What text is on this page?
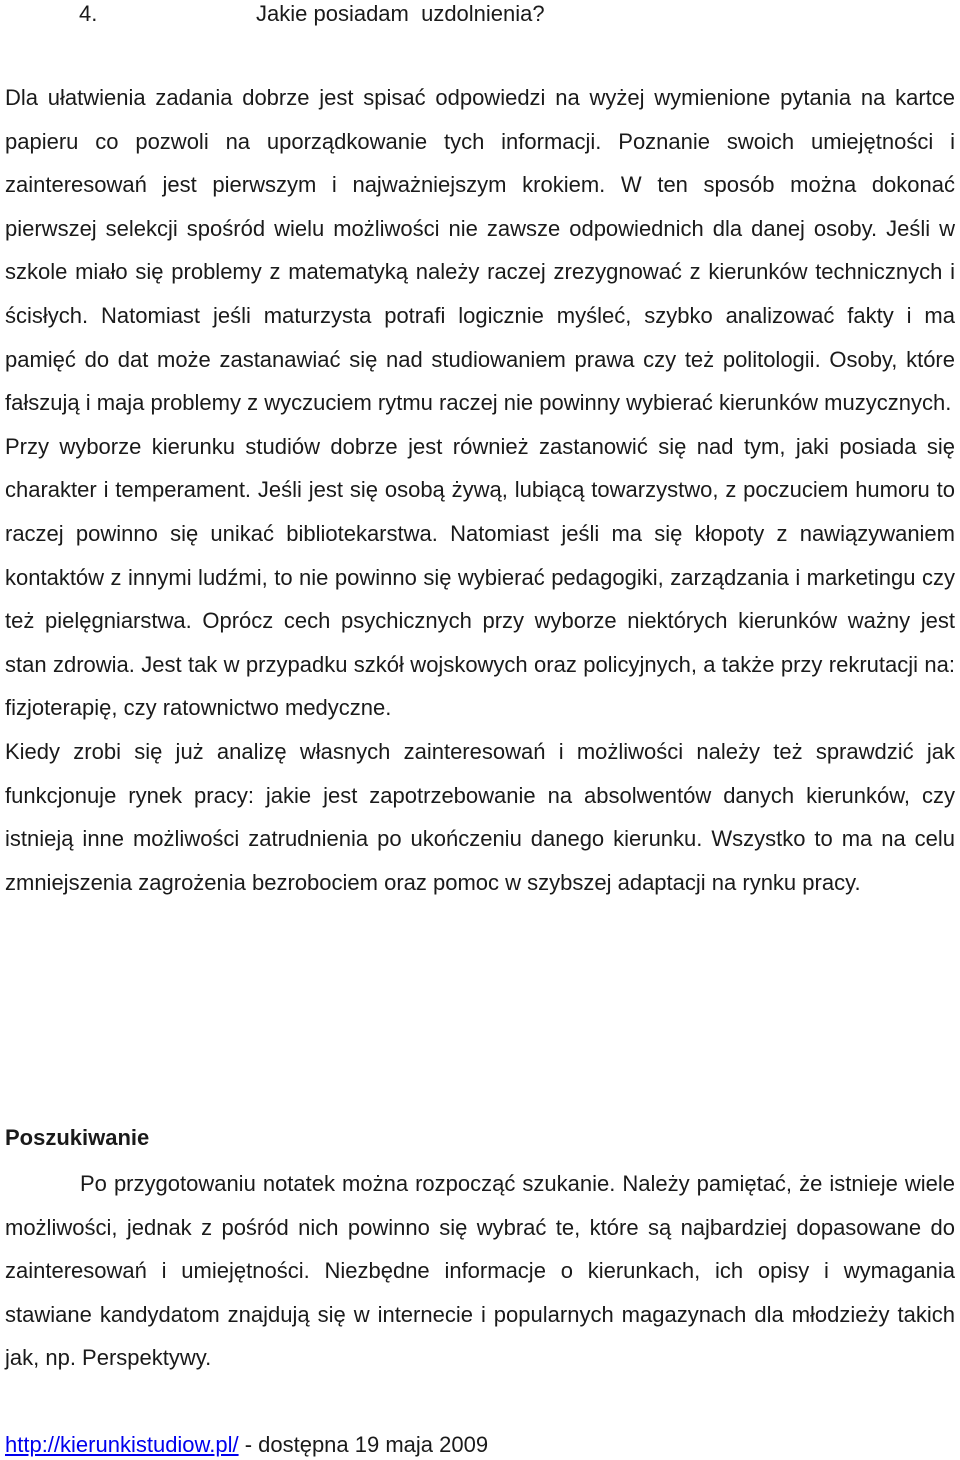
4.	Jakie posiadam  uzdolnienia?

Dla ułatwienia zadania dobrze jest spisać odpowiedzi na wyżej wymienione pytania na kartce papieru co pozwoli na uporządkowanie tych informacji. Poznanie swoich umiejętności i zainteresowań jest pierwszym i najważniejszym krokiem. W ten sposób można dokonać pierwszej selekcji spośród wielu możliwości nie zawsze odpowiednich dla danej osoby. Jeśli w szkole miało się problemy z matematyką należy raczej zrezygnować z kierunków technicznych i ścisłych. Natomiast jeśli maturzysta potrafi logicznie myśleć, szybko analizować fakty i ma pamięć do dat może zastanawiać się nad studiowaniem prawa czy też politologii. Osoby, które fałszują i maja problemy z wyczuciem rytmu raczej nie powinny wybierać kierunków muzycznych.

Przy wyborze kierunku studiów dobrze jest również zastanowić się nad tym, jaki posiada się charakter i temperament. Jeśli jest się osobą żywą, lubiącą towarzystwo, z poczuciem humoru to raczej powinno się unikać bibliotekarstwa. Natomiast jeśli ma się kłopoty z nawiązywaniem kontaktów z innymi ludźmi, to nie powinno się wybierać pedagogiki, zarządzania i marketingu czy też pielęgniarstwa. Oprócz cech psychicznych przy wyborze niektórych kierunków ważny jest stan zdrowia. Jest tak w przypadku szkół wojskowych oraz policyjnych, a także przy rekrutacji na: fizjoterapię, czy ratownictwo medyczne.

Kiedy zrobi się już analizę własnych zainteresowań i możliwości należy też sprawdzić jak funkcjonuje rynek pracy: jakie jest zapotrzebowanie na absolwentów danych kierunków, czy istnieją inne możliwości zatrudnienia po ukończeniu danego kierunku. Wszystko to ma na celu zmniejszenia zagrożenia bezrobociem oraz pomoc w szybszej adaptacji na rynku pracy.

Poszukiwanie

Po przygotowaniu notatek można rozpocząć szukanie. Należy pamiętać, że istnieje wiele możliwości, jednak z pośród nich powinno się wybrać te, które są najbardziej dopasowane do zainteresowań i umiejętności. Niezbędne informacje o kierunkach, ich opisy i wymagania stawiane kandydatom znajdują się w internecie i popularnych magazynach dla młodzieży takich jak, np. Perspektywy.

http://kierunkistudiow.pl/ - dostępna 19 maja 2009
